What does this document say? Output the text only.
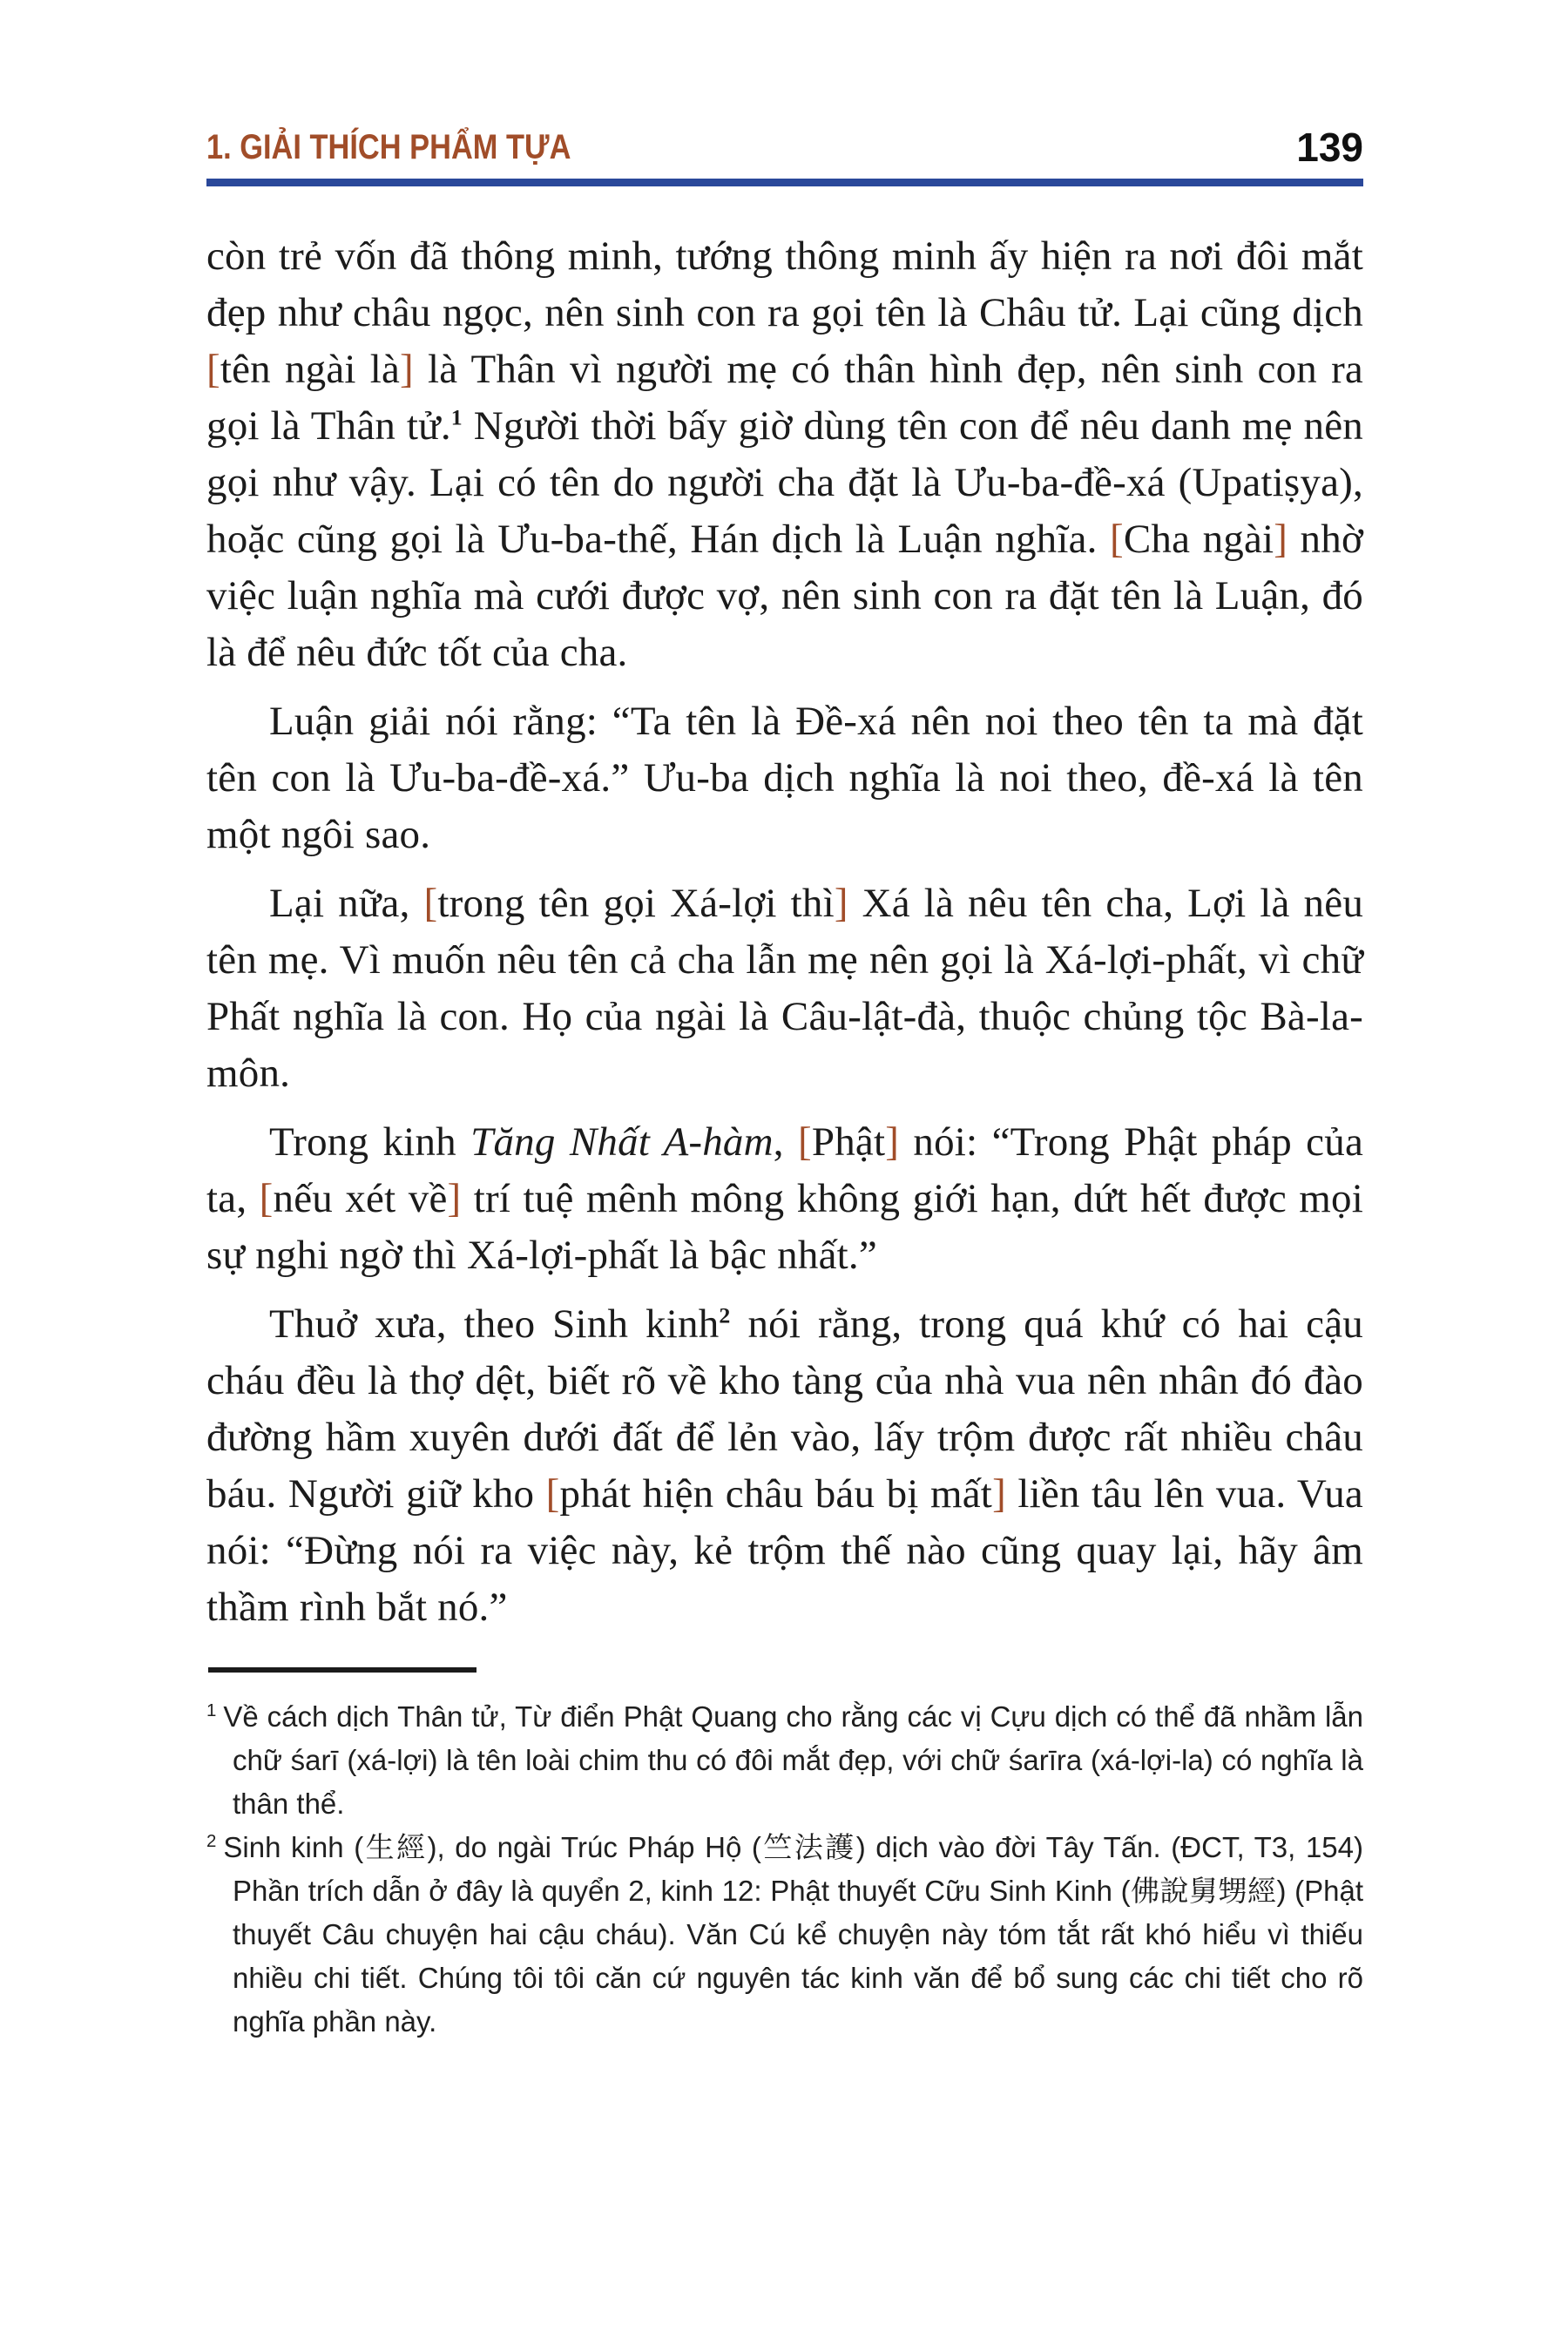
1. GIẢI THÍCH PHẨM TỰA	139

còn trẻ vốn đã thông minh, tướng thông minh ấy hiện ra nơi đôi mắt đẹp như châu ngọc, nên sinh con ra gọi tên là Châu tử. Lại cũng dịch [tên ngài là] là Thân vì người mẹ có thân hình đẹp, nên sinh con ra gọi là Thân tử.$^1$ Người thời bấy giờ dùng tên con để nêu danh mẹ nên gọi như vậy. Lại có tên do người cha đặt là Ưu-ba-đề-xá (Upatiṣya), hoặc cũng gọi là Ưu-ba-thế, Hán dịch là Luận nghĩa. [Cha ngài] nhờ việc luận nghĩa mà cưới được vợ, nên sinh con ra đặt tên là Luận, đó là để nêu đức tốt của cha.

Luận giải nói rằng: “Ta tên là Đề-xá nên noi theo tên ta mà đặt tên con là Ưu-ba-đề-xá.” Ưu-ba dịch nghĩa là noi theo, đề-xá là tên một ngôi sao.

Lại nữa, [trong tên gọi Xá-lợi thì] Xá là nêu tên cha, Lợi là nêu tên mẹ. Vì muốn nêu tên cả cha lẫn mẹ nên gọi là Xá-lợi-phất, vì chữ Phất nghĩa là con. Họ của ngài là Câu-lật-đà, thuộc chủng tộc Bà-la-môn.

Trong kinh Tăng Nhất A-hàm, [Phật] nói: “Trong Phật pháp của ta, [nếu xét về] trí tuệ mênh mông không giới hạn, dứt hết được mọi sự nghi ngờ thì Xá-lợi-phất là bậc nhất.”

Thuở xưa, theo Sinh kinh$^2$ nói rằng, trong quá khứ có hai cậu cháu đều là thợ dệt, biết rõ về kho tàng của nhà vua nên nhân đó đào đường hầm xuyên dưới đất để lẻn vào, lấy trộm được rất nhiều châu báu. Người giữ kho [phát hiện châu báu bị mất] liền tâu lên vua. Vua nói: “Đừng nói ra việc này, kẻ trộm thế nào cũng quay lại, hãy âm thầm rình bắt nó.”

$^1$ Về cách dịch Thân tử, Từ điển Phật Quang cho rằng các vị Cựu dịch có thể đã nhầm lẫn chữ śarī (xá-lợi) là tên loài chim thu có đôi mắt đẹp, với chữ śarīra (xá-lợi-la) có nghĩa là thân thể.

$^2$ Sinh kinh (生經), do ngài Trúc Pháp Hộ (竺法護) dịch vào đời Tây Tấn. (ĐCT, T3, 154) Phần trích dẫn ở đây là quyển 2, kinh 12: Phật thuyết Cữu Sinh Kinh (佛說舅甥經) (Phật thuyết Câu chuyện hai cậu cháu). Văn Cú kể chuyện này tóm tắt rất khó hiểu vì thiếu nhiều chi tiết. Chúng tôi tôi căn cứ nguyên tác kinh văn để bổ sung các chi tiết cho rõ nghĩa phần này.
